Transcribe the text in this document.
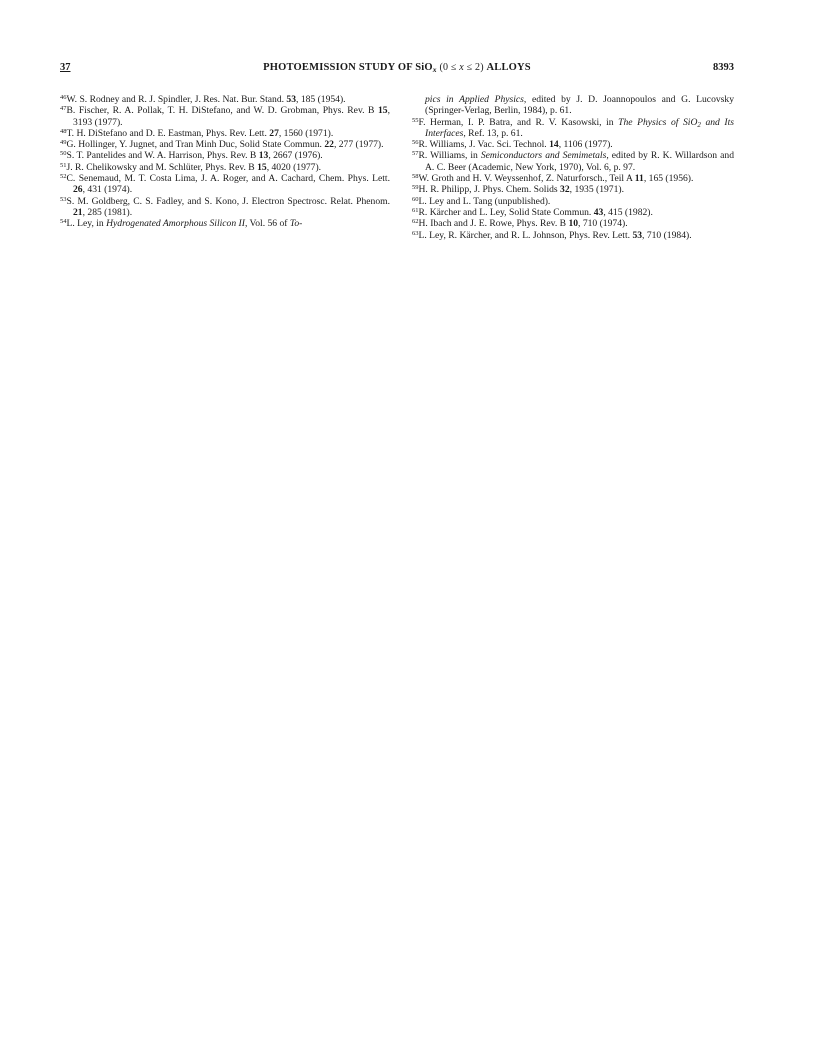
37	PHOTOEMISSION STUDY OF SiO$_x$ (0 ≤ x ≤ 2) ALLOYS	8393

$^{46}$W. S. Rodney and R. J. Spindler, J. Res. Nat. Bur. Stand. 53, 185 (1954).

$^{47}$B. Fischer, R. A. Pollak, T. H. DiStefano, and W. D. Grobman, Phys. Rev. B 15, 3193 (1977).

$^{48}$T. H. DiStefano and D. E. Eastman, Phys. Rev. Lett. 27, 1560 (1971).

$^{49}$G. Hollinger, Y. Jugnet, and Tran Minh Duc, Solid State Commun. 22, 277 (1977).

$^{50}$S. T. Pantelides and W. A. Harrison, Phys. Rev. B 13, 2667 (1976).

$^{51}$J. R. Chelikowsky and M. Schlüter, Phys. Rev. B 15, 4020 (1977).

$^{52}$C. Senemaud, M. T. Costa Lima, J. A. Roger, and A. Cachard, Chem. Phys. Lett. 26, 431 (1974).

$^{53}$S. M. Goldberg, C. S. Fadley, and S. Kono, J. Electron Spectrosc. Relat. Phenom. 21, 285 (1981).

$^{54}$L. Ley, in Hydrogenated Amorphous Silicon II, Vol. 56 of To-

pics in Applied Physics, edited by J. D. Joannopoulos and G. Lucovsky (Springer-Verlag, Berlin, 1984), p. 61.

$^{55}$F. Herman, I. P. Batra, and R. V. Kasowski, in The Physics of SiO$_2$ and Its Interfaces, Ref. 13, p. 61.

$^{56}$R. Williams, J. Vac. Sci. Technol. 14, 1106 (1977).

$^{57}$R. Williams, in Semiconductors and Semimetals, edited by R. K. Willardson and A. C. Beer (Academic, New York, 1970), Vol. 6, p. 97.

$^{58}$W. Groth and H. V. Weyssenhof, Z. Naturforsch., Teil A 11, 165 (1956).

$^{59}$H. R. Philipp, J. Phys. Chem. Solids 32, 1935 (1971).

$^{60}$L. Ley and L. Tang (unpublished).

$^{61}$R. Kärcher and L. Ley, Solid State Commun. 43, 415 (1982).

$^{62}$H. Ibach and J. E. Rowe, Phys. Rev. B 10, 710 (1974).

$^{63}$L. Ley, R. Kärcher, and R. L. Johnson, Phys. Rev. Lett. 53, 710 (1984).
